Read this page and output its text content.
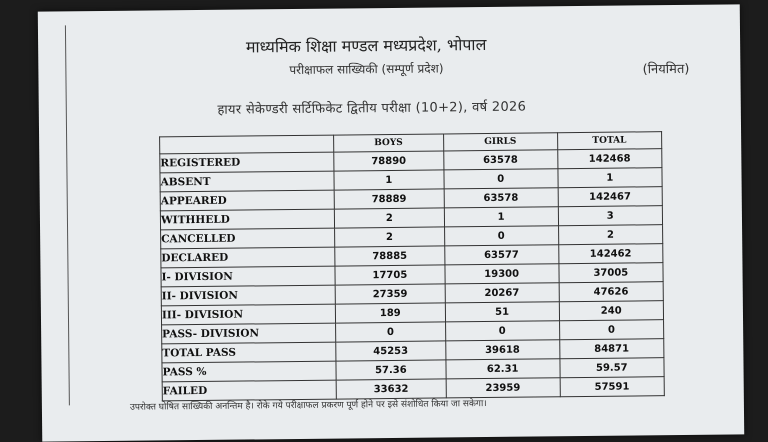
माध्यमिक शिक्षा मण्डल मध्यप्रदेश, भोपाल
परीक्षाफल साख्यिकी (सम्पूर्ण प्रदेश)	(नियमित)
हायर सेकेण्डरी सर्टिफिकेट द्वितीय परीक्षा (10+2), वर्ष 2026
	BOYS	GIRLS	TOTAL
REGISTERED	78890	63578	142468
ABSENT	1	0	1
APPEARED	78889	63578	142467
WITHHELD	2	1	3
CANCELLED	2	0	2
DECLARED	78885	63577	142462
I- DIVISION	17705	19300	37005
II- DIVISION	27359	20267	47626
III- DIVISION	189	51	240
PASS- DIVISION	0	0	0
TOTAL PASS	45253	39618	84871
PASS %	57.36	62.31	59.57
FAILED	33632	23959	57591
उपरोक्त घोषित साख्यिकी अनन्तिम है। रोके गये परीक्षाफल प्रकरण पूर्ण होने पर इसे संशोधित किया जा सकेगा।
